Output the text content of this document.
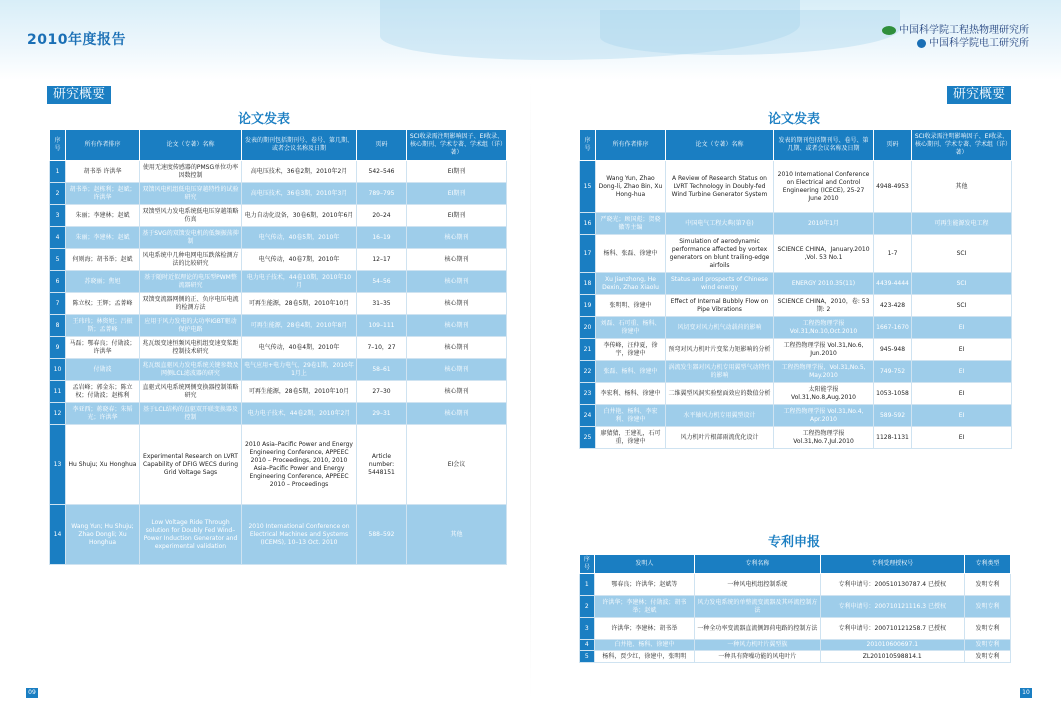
2010年度报告
中国科学院工程热物理研究所
中国科学院电工研究所
研究概要
论文发表
序号	所有作者排序	论文（专著）名称	发表的期刊包括期刊号、卷号、第几期、或者会议名称及日期	页码	SCI收录需注明影响因子、EI收录、核心期刊、学术专著、学术组（详）著）
1	胡书举 许洪华	使用无速度传感器的PMSG单位功率因数控制	高电压技术，36卷2期，2010年2月	542–546	EI期刊
2	胡书举；赵栋利；赵斌；许洪华	双馈风电机组低电压穿越特性的试验研究	高电压技术，36卷3期，2010年3月	789–795	EI期刊
3	朱丽；李建林；赵斌	双馈型风力发电系统低电压穿越策略仿真	电力自动化设备，30卷6期，2010年6月	20–24	EI期刊
4	朱丽；李建林；赵斌	基于SVG的双馈发电机的低频振荡抑制	电气传动，40卷5期，2010年	16–19	核心期刊
5	何则海；胡书举；赵斌	风电系统中几种电网电压跌落检测方法的比较研究	电气传动，40卷7期，2010年	12–17	核心期刊
6	苏晓丽；焦旭	基于随时近似理论的电压型PWM整流器研究	电力电子技术，44卷10期，2010年10月	54–56	核心期刊
7	陈立权；王辉；孟菁峰	双馈变流器网侧的正、负序电压电流的检测方法	可再生能源，28卷5期，2010年10月	31–35	核心期刊
8	王玮玮；林资旭；吕振斯；孟菁峰	应用于风力发电的大功率IGBT驱动保护电路	可再生能源，28卷4期，2010年8月	109–111	核心期刊
9	马磊；鄂春良；付勋波；许洪华	兆瓦级变速恒频风电机组变速变桨距控制技术研究	电气传动，40卷4期，2010年	7–10，27	核心期刊
10	付勋波	兆瓦级直驱风力发电系统关键参数及网侧LCL滤波器的研究	电气应用+电力电气，29卷1期，2010年1月上	58–61	核心期刊
11	孟岩峰；郭金东；陈立权；付勋波；赵栋利	直驱式风电系统网侧变换器控制策略研究	可再生能源，28卷5期，2010年10月	27–30	核心期刊
12	李亚西；蒋晓春；朱韬光；许洪华	基于LCL结构的直驱双开联变换器及控制	电力电子技术，44卷2期，2010年2月	29–31	核心期刊
13	Hu Shuju; Xu Honghua	Experimental Research on LVRT Capability of DFIG WECS during Grid Voltage Sags	2010 Asia–Pacific Power and Energy Engineering Conference, APPEEC 2010 – Proceedings, 2010, 2010 Asia–Pacific Power and Energy Engineering Conference, APPEEC 2010 – Proceedings	Article number: 5448151	EI会议
14	Wang Yun; Hu Shuju; Zhao Dongli; Xu Honghua	Low Voltage Ride Through solution for Doubly Fed Wind–Power Induction Generator and experimental validation	2010 International Conference on Electrical Machines and Systems (ICEMS), 10–13 Oct. 2010	588–592	其他
09
研究概要
论文发表
序号	所有作者排序	论文（专著）名称	发表的期刊包括期刊号、卷号、第几期、或者会议名称及日期	页码	SCI收录需注明影响因子、EI收录、核心期刊、学术专著、学术组（详）著）
15	Wang Yun, Zhao Dong-li, Zhao Bin, Xu Hong-hua	A Review of Research Status on LVRT Technology in Doubly-fed Wind Turbine Generator System	2010 International Conference on Electrical and Control Engineering (ICECE), 25-27 June 2010	4948-4953	其他
16	严晓光；顾国彪；贺骁徽等主编	中国电气工程大典(第7卷)	2010年1月		可再生能源发电工程
17	杨科、张磊、徐建中	Simulation of aerodynamic performance affected by vortex generators on blunt trailing-edge airfoils	SCIENCE CHINA，January.2010 ,Vol. 53 No.1	1-7	SCI
18	Xu Jianzhong, He Dexin, Zhao Xiaolu	Status and prospects of Chinese wind energy	ENERGY 2010.35(11)	4439-4444	SCI
19	张明明、徐建中	Effect of Internal Bubbly Flow on Pipe Vibrations	SCIENCE CHINA，2010，卷: 53 期: 2	423-428	SCI
20	刘磊、石可重、杨科、徐建中	风切变对风力机气动载荷的影响	工程热物理学报 Vol.31,No.10,Oct.2010	1667-1670	EI
21	李传峰，汪仲夏，徐宇，徐建中	预弯对风力机叶片变桨力矩影响的分析	工程热物理学报 Vol.31,No.6, Jun.2010	945-948	EI
22	张磊、杨科、徐建中	涡流发生器对风力机专用翼型气动特性的影响	工程热物理学报，Vol.31,No.5, May.2010	749-752	EI
23	李宏利、杨科、徐建中	二维翼型风洞实验壁面效应的数值分析	太阳能学报 Vol.31,No.8,Aug.2010	1053-1058	EI
24	白井艳、杨科、李宏利、徐建中	水平轴风力机专用翼型设计	工程热物理学报 Vol.31,No.4, Apr.2010	589-592	EI
25	廖猜猜，王建礼，石可重，徐建中	风力机叶片根部雨流优化设计	工程热物理学报 Vol.31,No.7,Jul.2010	1128-1131	EI
专利申报
序号	发明人	专利名称	专利受理授权号	专利类型
1	鄂春良；许洪华；赵斌等	一种风电机组控制系统	专利申请号：200510130787.4 已授权	发明专利
2	许洪华；李建林；付勋波；胡书举；赵斌	风力发电系统的单整流变流器及其环流控制方法	专利申请号：200710121116.3 已授权	发明专利
3	许洪华；李建林；胡书举	一种全功率变流器直流侧卸荷电路的控制方法	专利申请号：200710121258.7 已授权	发明专利
4	白井艳、杨科、徐建中	一种风力机叶片翼型族	201010600697.1	发明专利
5	杨科，贾少红，徐建中，张明明	一种具有降噪功能的风电叶片	ZL201010598814.1	发明专利
10
